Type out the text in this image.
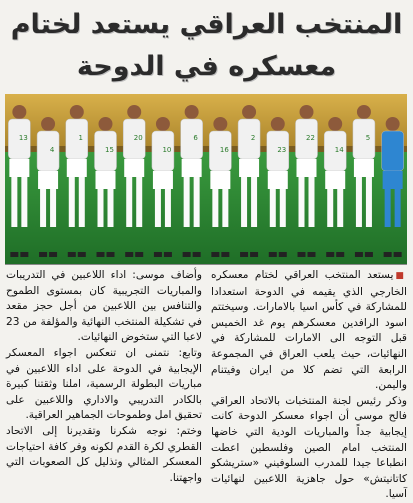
المنتخب العراقي يستعد لختام
معسكره في الدوحة
13
4
1
15
20
10
6
16
2
23
22
14
5

■يستعد المنتخب العراقي لختام معسكره الخارجي الذي يقيمه في الدوحة استعدادا للمشاركة في كأس اسيا بالامارات. وسيختتم اسود الرافدين معسكرهم يوم غد الخميس قبل التوجه الى الامارات للمشاركة في النهائيات، حيث يلعب العراق في المجموعة الرابعة التي تضم كلا من ايران وفيتنام واليمن.

وذكر رئيس لجنة المنتخبات بالاتحاد العراقي فالح موسى أن اجواء معسكر الدوحة كانت إيجابية جداً والمباريات الودية التي خاضها المنتخب امام الصين وفلسطين اعطت انطباعا جيدا للمدرب السلوفيني «ستريشكو كاتانيتش» حول جاهزية اللاعبين لنهائيات آسيا.

وأضاف موسى: اداء اللاعبين في التدريبات والمباريات التجريبية كان بمستوى الطموح والتنافس بين اللاعبين من أجل حجز مقعد في تشكيلة المنتخب النهائية والمؤلفة من 23 لاعبا التي ستخوض النهائيات.

وتابع: نتمنى ان تنعكس اجواء المعسكر الإيجابية في الدوحة على اداء اللاعبين في مباريات البطولة الرسمية، املنا وثقتنا كبيرة بالكادر التدريبي والاداري واللاعبين على تحقيق امل وطموحات الجماهير العراقية.

وختم: نوجه شكرنا وتقديرنا إلى الاتحاد القطري لكرة القدم لكونه وفر كافة احتياجات المعسكر المثالي وتذليل كل الصعوبات التي واجهتنا.
